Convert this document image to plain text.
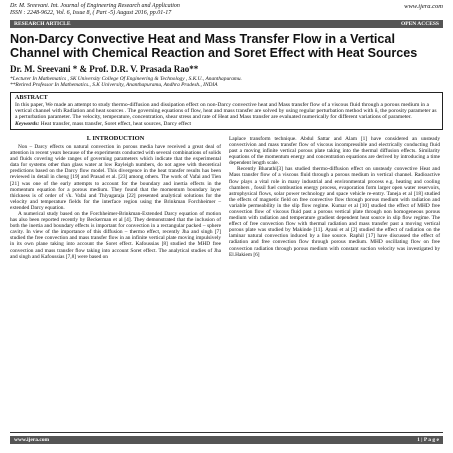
Dr. M. Sreevani. Int. Journal of Engineering Research and Application
ISSN : 2248-9622, Vol. 6, Issue 8, ( Part -5) August 2016, pp.01-17
www.ijera.com
RESEARCH ARTICLE	OPEN ACCESS
Non-Darcy Convective Heat and Mass Transfer Flow in a Vertical Channel with Chemical Reaction and Soret Effect with Heat Sources
Dr. M. Sreevani * & Prof. D.R. V. Prasada Rao**
*Lecturer In Mathematics , SK University College Of Engineering & Technology , S.K.U., Ananthapuramu.
**Retired Professor In Mathematics., S.K University, Ananthapuramu, Andhra Pradesh., INDIA
ABSTRACT
In this paper, We made an attempt to study thermo-diffusion and dissipation effect on non-Darcy convective heat and Mass transfer flow of a viscous fluid through a porous medium in a vertical channel with Radiation and heat sources . The governing equations of flow, heat and mass transfer are solved by using regular perturbation method with δ, the porosity parameter as a perturbation parameter. The velocity, temperature, concentration, shear stress and rate of Heat and Mass transfer are evaluated numerically for different variations of parameter.
Keywords: Heat transfer, mass transfer, Soret effect, heat sources, Darcy effect
I. INTRODUCTION

Non – Darcy effects on natural convection in porous media have received a great deal of attention in recent years because of the experiments conducted with several combinations of solids and fluids covering wide ranges of governing parameters which indicate that the experimental data for systems other than glass water at low Rayleigh numbers, do not agree with theoretical predictions based on the Darcy flow model. This divergence in the heat transfer results has been reviewed in detail in cheng [19] and Prasad et al. [23] among others. The work of Vafai and Tien [21] was one of the early attempts to account for the boundary and inertia effects in the momentum equation for a porous medium. They found that the momentum boundary layer thickness is of order of √k. Vafai and Thiyagaraja [22] presented analytical solutions for the velocity and temperature fields for the interface region using the Brinkman Forchheimer –extended Darcy equation.

A numerical study based on the Forchheimer-Brinkman-Extended Darcy equation of motion has also been reported recently by Beckerman et al [4]. They demonstrated that the inclusion of both the inertia and boundary effects is important for convection in a rectangular packed – sphere cavity. In view of the importance of this diffusion – thermo effect, recently Jha and singh [7] studied the free convection and mass transfer flow in an infinite vertical plate moving impulsively in its own plane taking into account the Soret effect. Kafoussias [8] studied the MHD free convection and mass transfer flow taking into account Soret effect. The analytical studies of Jha and singh and Kafoussias [7,8] were based on

Laplace transform technique. Abdul Sattar and Alam [1] have considered an unsteady convectivion and mass transfer flow of viscous incompressible and electrically conducting fluid past a moving infinite vertical porous plate taking into the thermal diffusion effects. Similarity equations of the momentum energy and concentration equations are derived by introducing a time dependent length scale.

Recently Bharathi[3] has studied thermo-diffusion effect on unsteady convective Heat and Mass transfer flow of a viscous fluid through a porous medium in vertical channel. Radioactive flow plays a vital role in many industrial and environmental process e.g. heating and cooling chambers , fossil fuel combustion energy process, evaporation form larger open water reservoirs, astrophysical flows, solar power technology and space vehicle re-entry. Taneja et al [18] studied the effects of magnetic field on free convective flow through porous medium with radiation and variable permeability in the slip flow regime. Kumar et al [10] studied the effect of MHD free convection flow of viscous fluid past a porous vertical plate through non homogeneous porous medium with radiation and temperature gradient dependent heat source in slip flow regime. The effect of free convection flow with thermal radiation and mass transfer past a moving vertical porous plate was studied by Makinde [11]. Ayani et al [2] studied the effect of radiation on the laminar natural convection induced by a line source. Raphil [17] have discussed the effect of radiation and free convection flow through porous medium. MHD oscillating flow on free convection radiation through porous medium with constant suction velocity was investigated by El.Hakiem [6]

www.ijera.com	1 | P a g e
